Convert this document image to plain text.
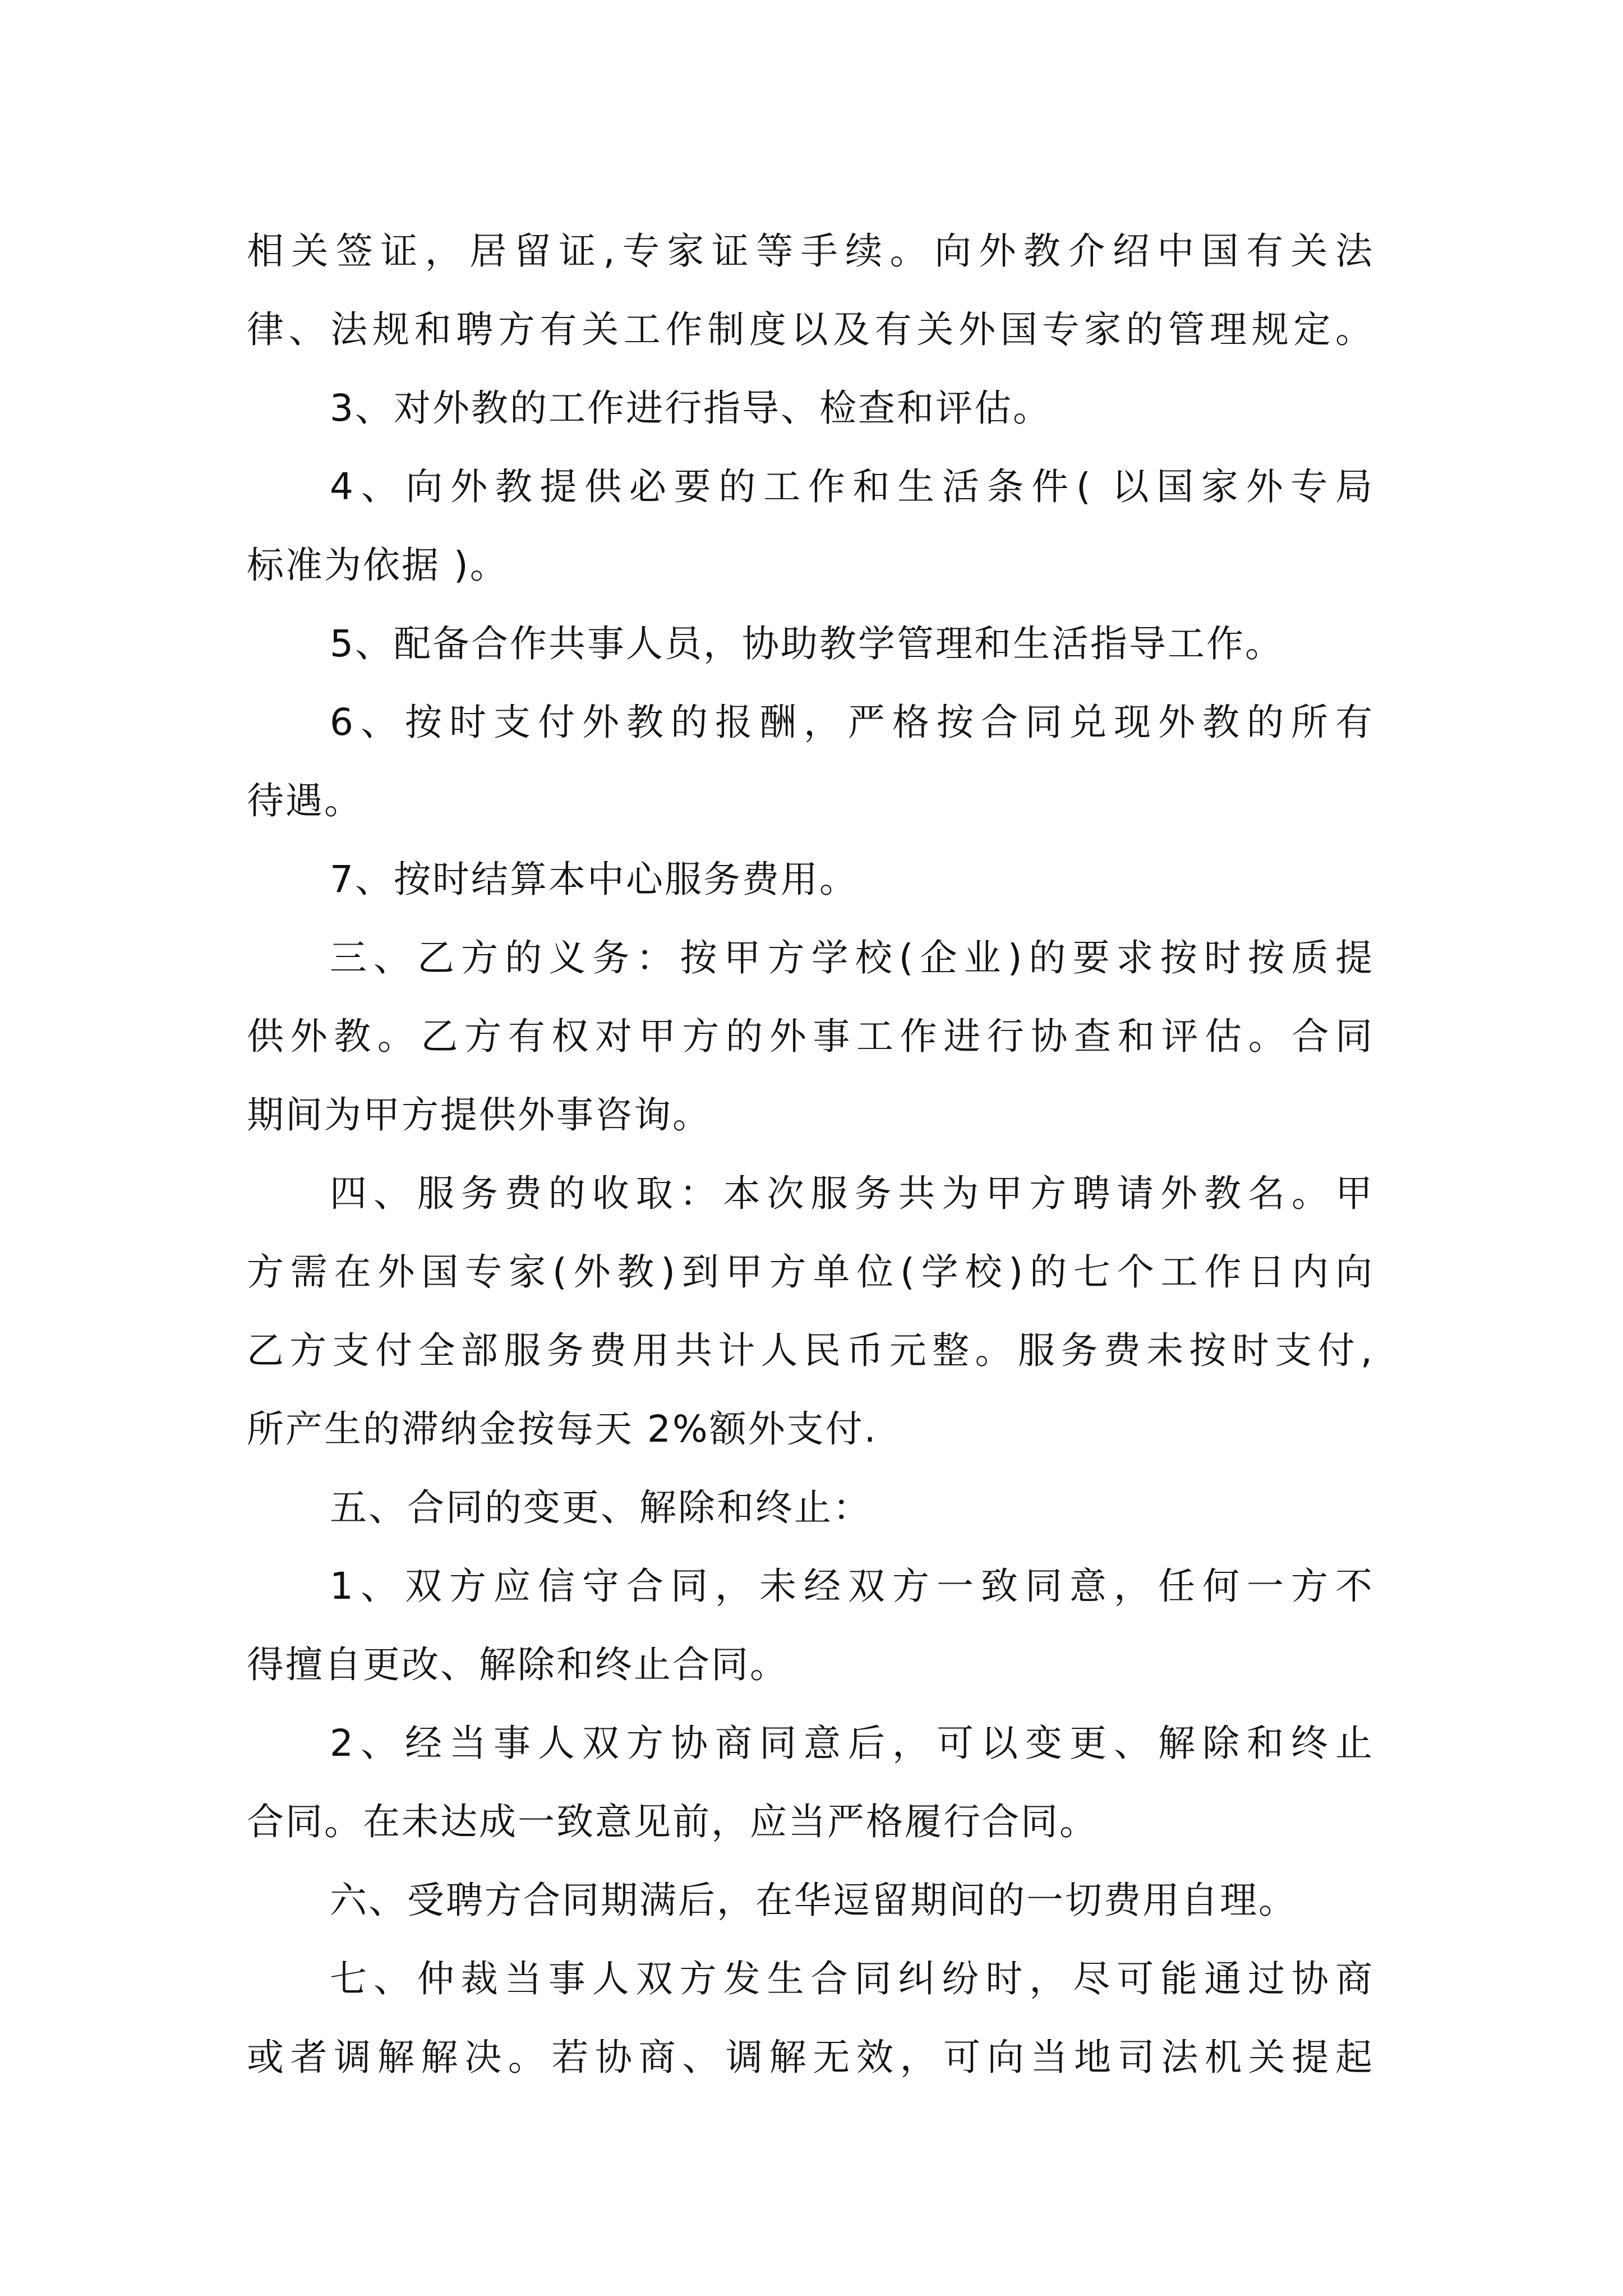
相关签证，居留证,专家证等手续。向外教介绍中国有关法
律、法规和聘方有关工作制度以及有关外国专家的管理规定。
3、对外教的工作进行指导、检查和评估。
4、向外教提供必要的工作和生活条件( 以国家外专局
标准为依据 )。
5、配备合作共事人员，协助教学管理和生活指导工作。
6、按时支付外教的报酬，严格按合同兑现外教的所有
待遇。
7、按时结算本中心服务费用。
三、乙方的义务：按甲方学校(企业)的要求按时按质提
供外教。乙方有权对甲方的外事工作进行协查和评估。合同
期间为甲方提供外事咨询。
四、服务费的收取：本次服务共为甲方聘请外教名。甲
方需在外国专家(外教)到甲方单位(学校)的七个工作日内向
乙方支付全部服务费用共计人民币元整。服务费未按时支付,
所产生的滞纳金按每天 2%额外支付.
五、合同的变更、解除和终止：
1、双方应信守合同，未经双方一致同意，任何一方不
得擅自更改、解除和终止合同。
2、经当事人双方协商同意后，可以变更、解除和终止
合同。在未达成一致意见前，应当严格履行合同。
六、受聘方合同期满后，在华逗留期间的一切费用自理。
七、仲裁当事人双方发生合同纠纷时，尽可能通过协商
或者调解解决。若协商、调解无效，可向当地司法机关提起
